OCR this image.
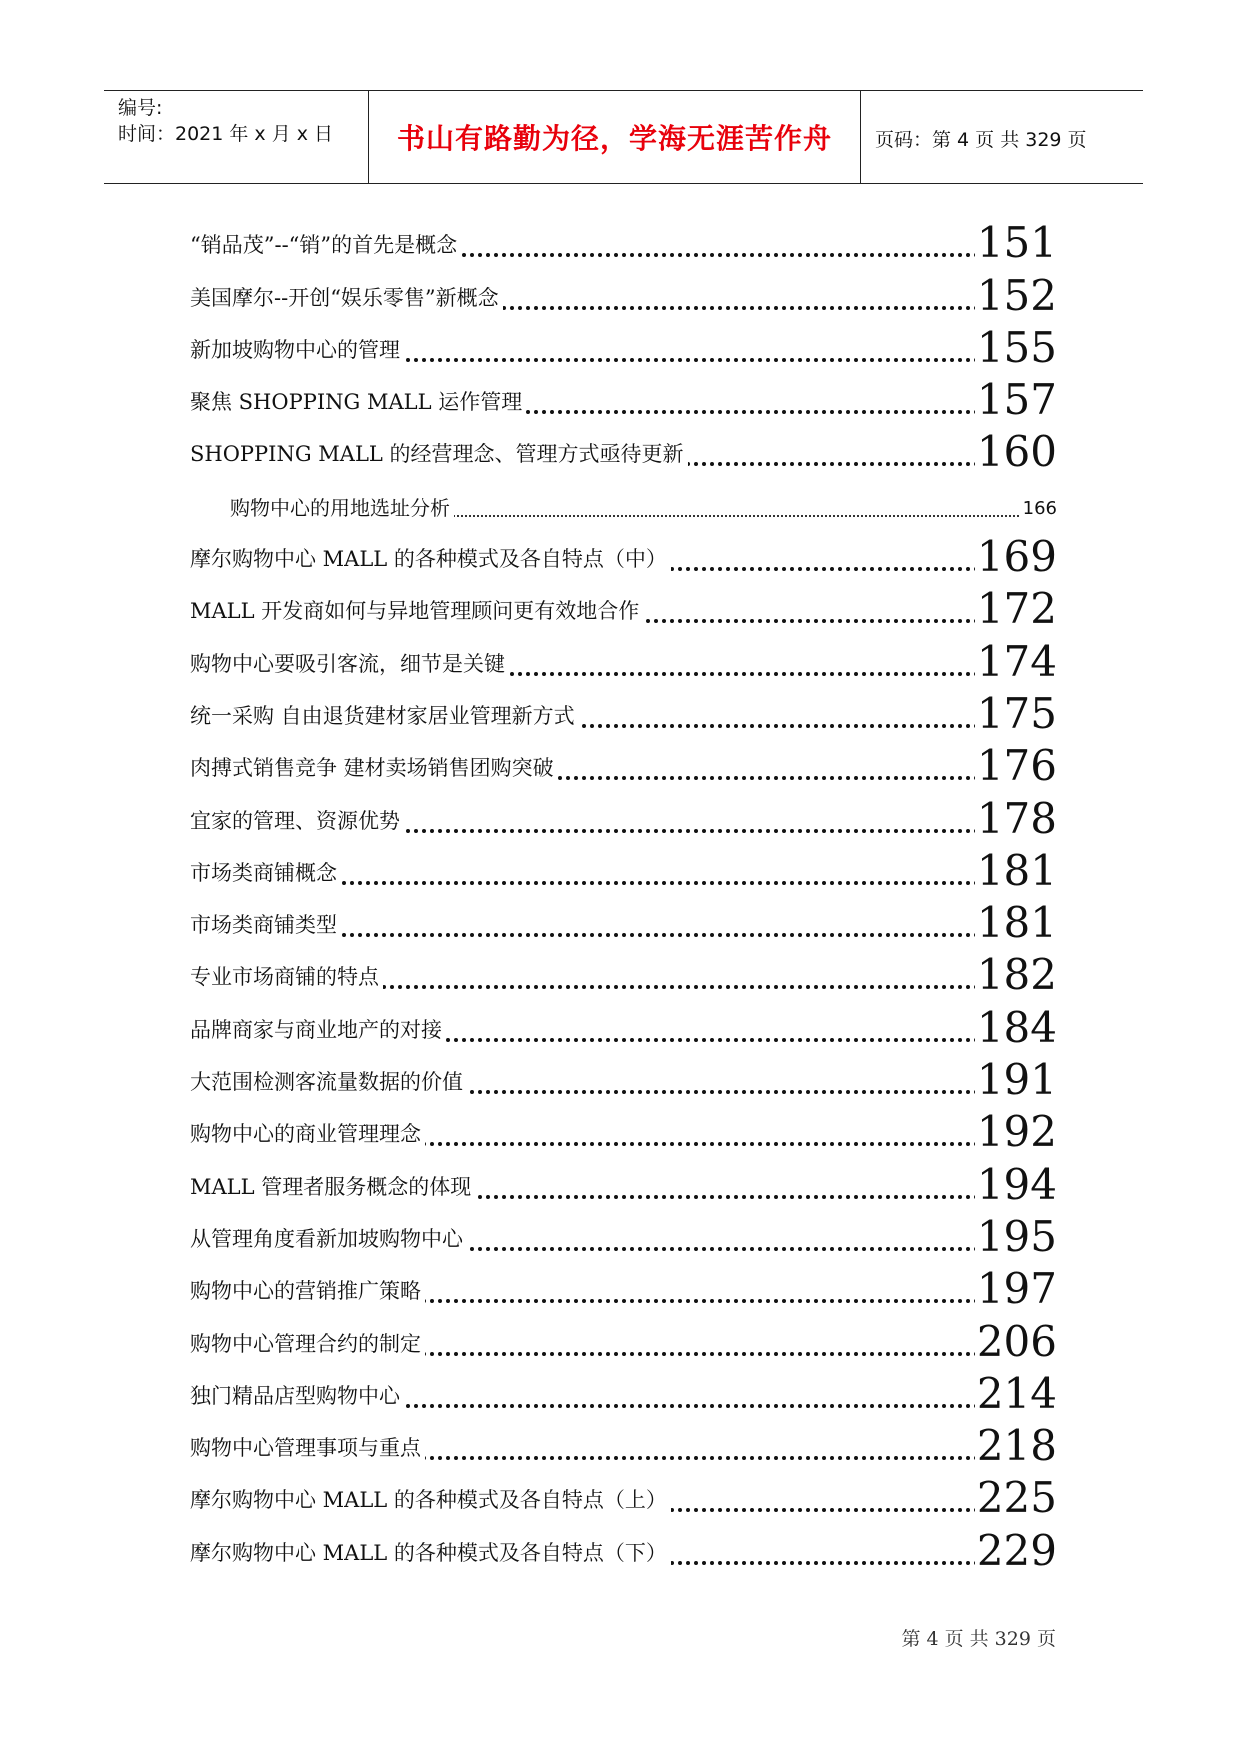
编号:
时间：2021 年 x 月 x 日	书山有路勤为径，学海无涯苦作舟	页码：第 4 页 共 329 页
“销品茂”--“销”的首先是概念	151
美国摩尔--开创“娱乐零售”新概念	152
新加坡购物中心的管理	155
聚焦 SHOPPING MALL 运作管理	157
SHOPPING MALL 的经营理念、管理方式亟待更新	160
购物中心的用地选址分析	166
摩尔购物中心 MALL 的各种模式及各自特点（中）	169
MALL 开发商如何与异地管理顾问更有效地合作	172
购物中心要吸引客流，细节是关键	174
统一采购 自由退货建材家居业管理新方式	175
肉搏式销售竞争 建材卖场销售团购突破	176
宜家的管理、资源优势	178
市场类商铺概念	181
市场类商铺类型	181
专业市场商铺的特点	182
品牌商家与商业地产的对接	184
大范围检测客流量数据的价值	191
购物中心的商业管理理念	192
MALL 管理者服务概念的体现	194
从管理角度看新加坡购物中心	195
购物中心的营销推广策略	197
购物中心管理合约的制定	206
独门精品店型购物中心	214
购物中心管理事项与重点	218
摩尔购物中心 MALL 的各种模式及各自特点（上）	225
摩尔购物中心 MALL 的各种模式及各自特点（下）	229
第 4 页 共 329 页
